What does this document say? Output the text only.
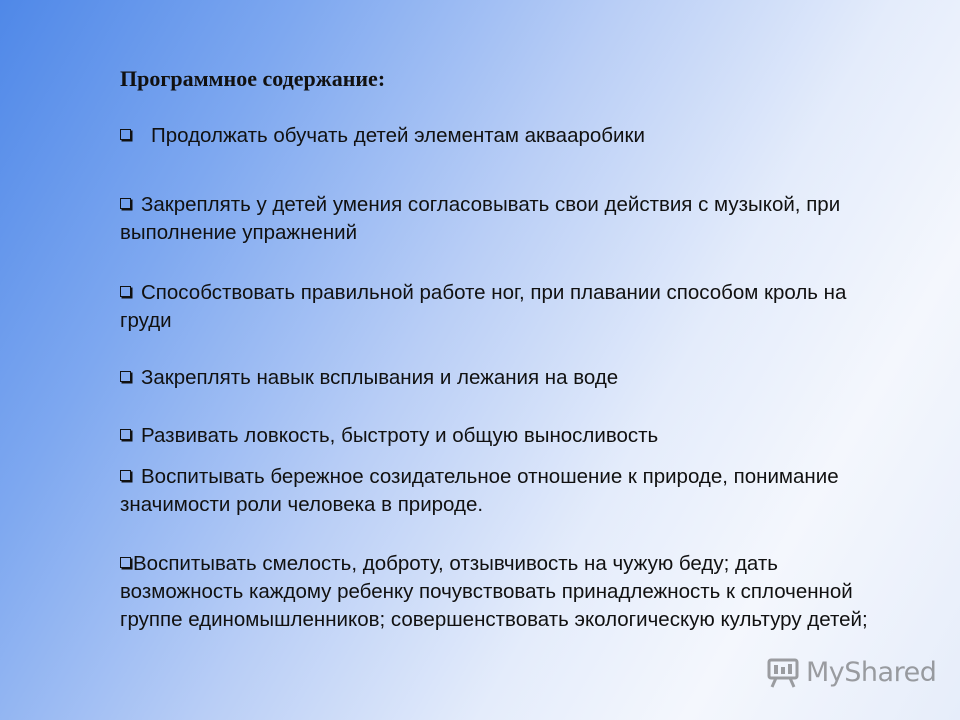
Программное содержание:
Продолжать обучать детей элементам аквааробики
Закреплять у детей умения согласовывать свои действия с музыкой, при выполнение упражнений
Способствовать правильной работе ног, при плавании способом кроль на груди
Закреплять навык всплывания и лежания на воде
Развивать ловкость, быстроту и общую выносливость
Воспитывать бережное созидательное отношение к природе, понимание значимости роли человека в природе.
Воспитывать смелость, доброту, отзывчивость на чужую беду; дать возможность каждому ребенку почувствовать принадлежность к сплоченной группе единомышленников; совершенствовать экологическую культуру детей;
MyShared
